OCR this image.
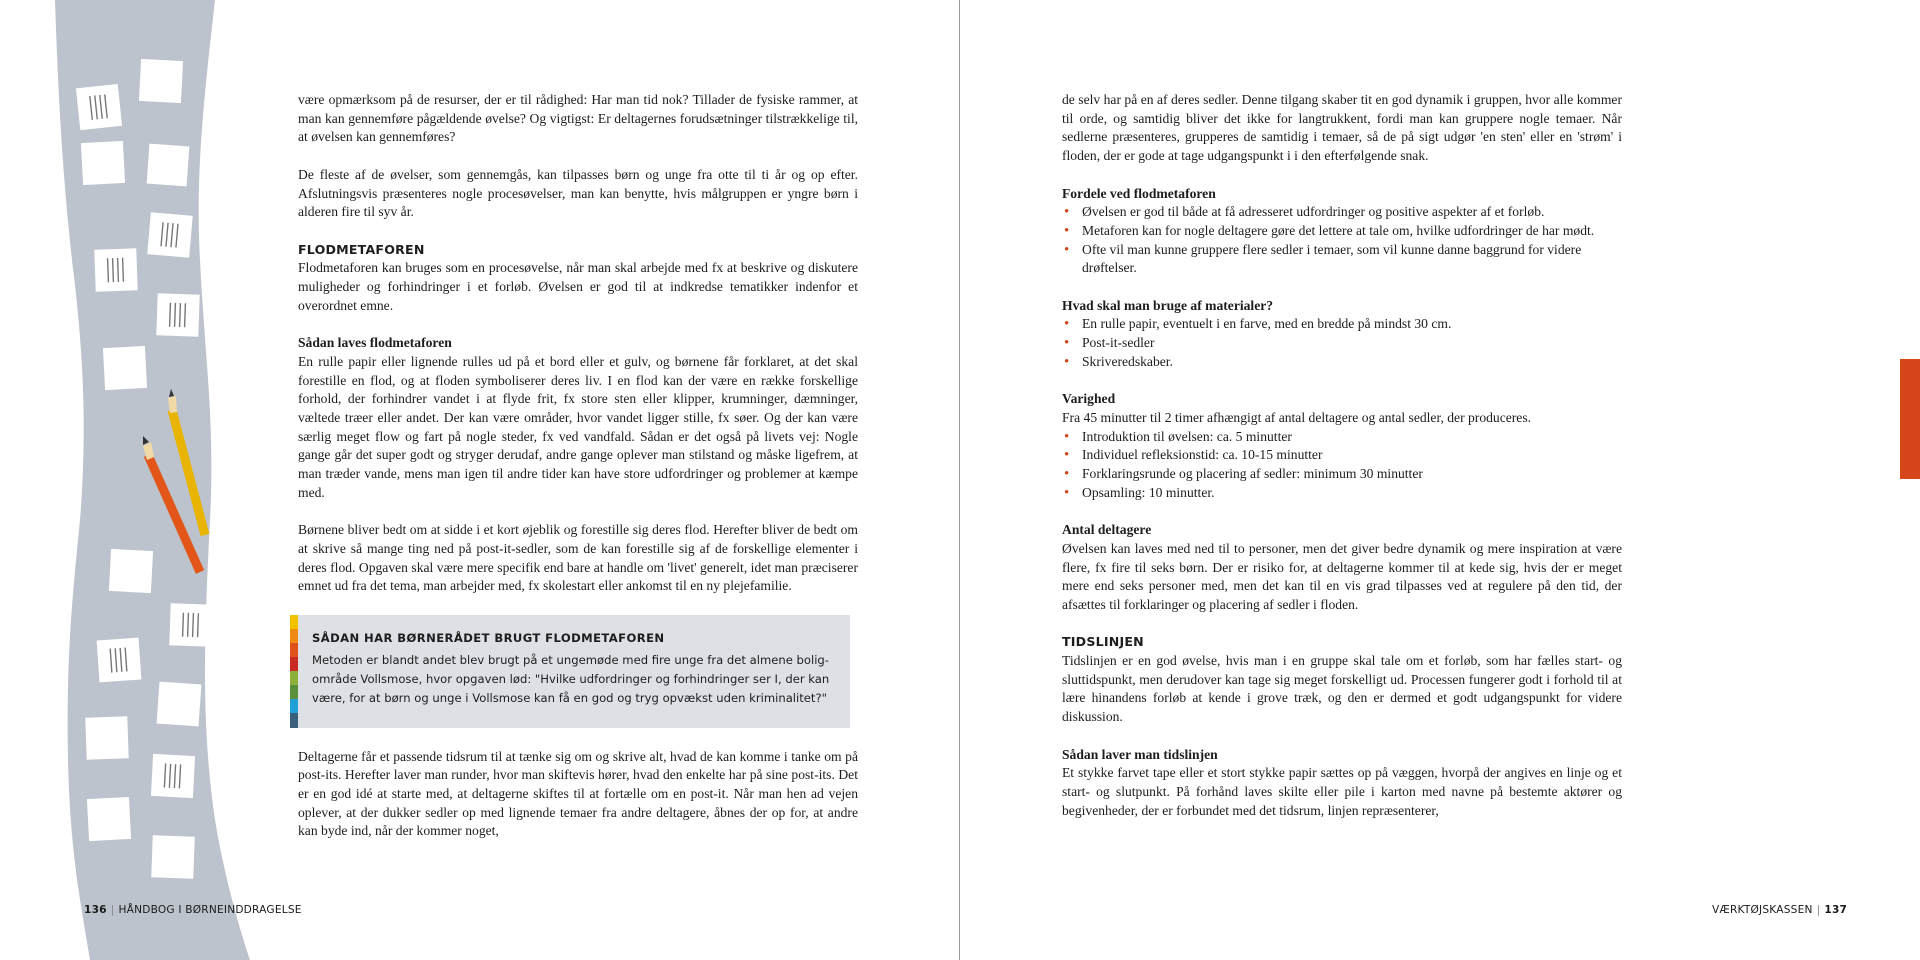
være opmærksom på de resurser, der er til rådighed: Har man tid nok? Tillader de fysiske rammer, at man kan gennemføre pågældende øvelse? Og vigtigst: Er deltagernes forudsætninger tilstrækkelige til, at øvelsen kan gennemføres?

De fleste af de øvelser, som gennemgås, kan tilpasses børn og unge fra otte til ti år og op efter. Afslutningsvis præsenteres nogle procesøvelser, man kan benytte, hvis målgruppen er yngre børn i alderen fire til syv år.

FLODMETAFOREN

Flodmetaforen kan bruges som en procesøvelse, når man skal arbejde med fx at beskrive og diskutere muligheder og forhindringer i et forløb. Øvelsen er god til at indkredse tematikker indenfor et overordnet emne.

Sådan laves flodmetaforen

En rulle papir eller lignende rulles ud på et bord eller et gulv, og børnene får forklaret, at det skal forestille en flod, og at floden symboliserer deres liv. I en flod kan der være en række forskellige forhold, der forhindrer vandet i at flyde frit, fx store sten eller klipper, krumninger, dæmninger, væltede træer eller andet. Der kan være områder, hvor vandet ligger stille, fx søer. Og der kan være særlig meget flow og fart på nogle steder, fx ved vandfald. Sådan er det også på livets vej: Nogle gange går det super godt og stryger derudaf, andre gange oplever man stilstand og måske ligefrem, at man træder vande, mens man igen til andre tider kan have store udfordringer og problemer at kæmpe med.

Børnene bliver bedt om at sidde i et kort øjeblik og forestille sig deres flod. Herefter bliver de bedt om at skrive så mange ting ned på post-it-sedler, som de kan forestille sig af de forskellige elementer i deres flod. Opgaven skal være mere specifik end bare at handle om 'livet' generelt, idet man præciserer emnet ud fra det tema, man arbejder med, fx skolestart eller ankomst til en ny plejefamilie.

SÅDAN HAR BØRNERÅDET BRUGT FLODMETAFOREN

Metoden er blandt andet blev brugt på et ungemøde med fire unge fra det almene boligområde Vollsmose, hvor opgaven lød: "Hvilke udfordringer og forhindringer ser I, der kan være, for at børn og unge i Vollsmose kan få en god og tryg opvækst uden kriminalitet?"

Deltagerne får et passende tidsrum til at tænke sig om og skrive alt, hvad de kan komme i tanke om på post-its. Herefter laver man runder, hvor man skiftevis hører, hvad den enkelte har på sine post-its. Det er en god idé at starte med, at deltagerne skiftes til at fortælle om en post-it. Når man hen ad vejen oplever, at der dukker sedler op med lignende temaer fra andre deltagere, åbnes der op for, at andre kan byde ind, når der kommer noget,

136 | HÅNDBOG I BØRNEINDDRAGELSE

de selv har på en af deres sedler. Denne tilgang skaber tit en god dynamik i gruppen, hvor alle kommer til orde, og samtidig bliver det ikke for langtrukkent, fordi man kan gruppere nogle temaer. Når sedlerne præsenteres, grupperes de samtidig i temaer, så de på sigt udgør 'en sten' eller en 'strøm' i floden, der er gode at tage udgangspunkt i i den efterfølgende snak.

Fordele ved flodmetaforen
• Øvelsen er god til både at få adresseret udfordringer og positive aspekter af et forløb.
• Metaforen kan for nogle deltagere gøre det lettere at tale om, hvilke udfordringer de har mødt.
• Ofte vil man kunne gruppere flere sedler i temaer, som vil kunne danne baggrund for videre drøftelser.
Hvad skal man bruge af materialer?
• En rulle papir, eventuelt i en farve, med en bredde på mindst 30 cm.
• Post-it-sedler
• Skriveredskaber.
Varighed

Fra 45 minutter til 2 timer afhængigt af antal deltagere og antal sedler, der produceres.

• Introduktion til øvelsen: ca. 5 minutter
• Individuel refleksionstid: ca. 10-15 minutter
• Forklaringsrunde og placering af sedler: minimum 30 minutter
• Opsamling: 10 minutter.
Antal deltagere

Øvelsen kan laves med ned til to personer, men det giver bedre dynamik og mere inspiration at være flere, fx fire til seks børn. Der er risiko for, at deltagerne kommer til at kede sig, hvis der er meget mere end seks personer med, men det kan til en vis grad tilpasses ved at regulere på den tid, der afsættes til forklaringer og placering af sedler i floden.

TIDSLINJEN

Tidslinjen er en god øvelse, hvis man i en gruppe skal tale om et forløb, som har fælles start- og sluttidspunkt, men derudover kan tage sig meget forskelligt ud. Processen fungerer godt i forhold til at lære hinandens forløb at kende i grove træk, og den er dermed et godt udgangspunkt for videre diskussion.

Sådan laver man tidslinjen

Et stykke farvet tape eller et stort stykke papir sættes op på væggen, hvorpå der angives en linje og et start- og slutpunkt. På forhånd laves skilte eller pile i karton med navne på bestemte aktører og begivenheder, der er forbundet med det tidsrum, linjen repræsenterer,

VÆRKTØJSKASSEN | 137
